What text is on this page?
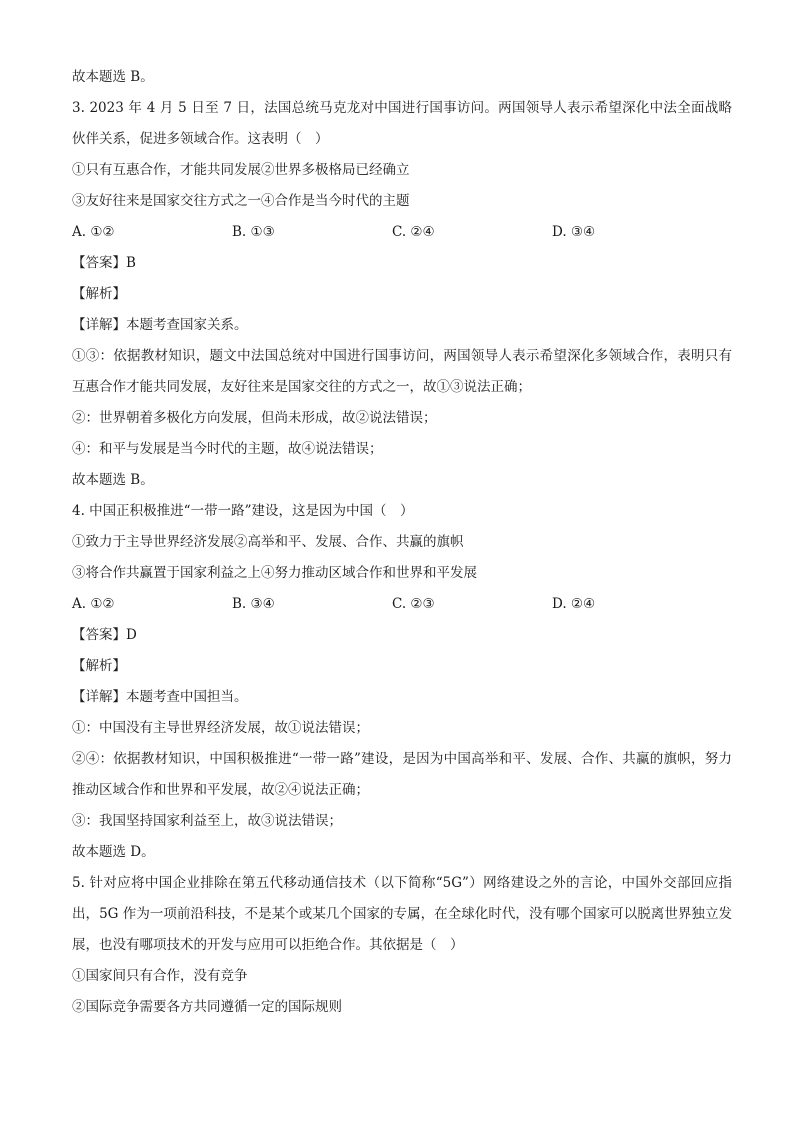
故本题选 B。
3. 2023 年 4 月 5 日至 7 日，法国总统马克龙对中国进行国事访问。两国领导人表示希望深化中法全面战略伙伴关系，促进多领域合作。这表明（　）
①只有互惠合作，才能共同发展②世界多极格局已经确立
③友好往来是国家交往方式之一④合作是当今时代的主题
A. ①②	B. ①③	C. ②④	D. ③④
【答案】B
【解析】
【详解】本题考查国家关系。
①③：依据教材知识，题文中法国总统对中国进行国事访问，两国领导人表示希望深化多领域合作，表明只有互惠合作才能共同发展，友好往来是国家交往的方式之一，故①③说法正确；
②：世界朝着多极化方向发展，但尚未形成，故②说法错误；
④：和平与发展是当今时代的主题，故④说法错误；
故本题选 B。
4. 中国正积极推进“一带一路”建设，这是因为中国（　）
①致力于主导世界经济发展②高举和平、发展、合作、共赢的旗帜
③将合作共赢置于国家利益之上④努力推动区域合作和世界和平发展
A. ①②	B. ③④	C. ②③	D. ②④
【答案】D
【解析】
【详解】本题考查中国担当。
①：中国没有主导世界经济发展，故①说法错误；
②④：依据教材知识，中国积极推进“一带一路”建设，是因为中国高举和平、发展、合作、共赢的旗帜，努力推动区域合作和世界和平发展，故②④说法正确；
③：我国坚持国家利益至上，故③说法错误；
故本题选 D。
5. 针对应将中国企业排除在第五代移动通信技术（以下简称“5G”）网络建设之外的言论，中国外交部回应指出，5G 作为一项前沿科技，不是某个或某几个国家的专属，在全球化时代，没有哪个国家可以脱离世界独立发展，也没有哪项技术的开发与应用可以拒绝合作。其依据是（　）
①国家间只有合作，没有竞争
②国际竞争需要各方共同遵循一定的国际规则
